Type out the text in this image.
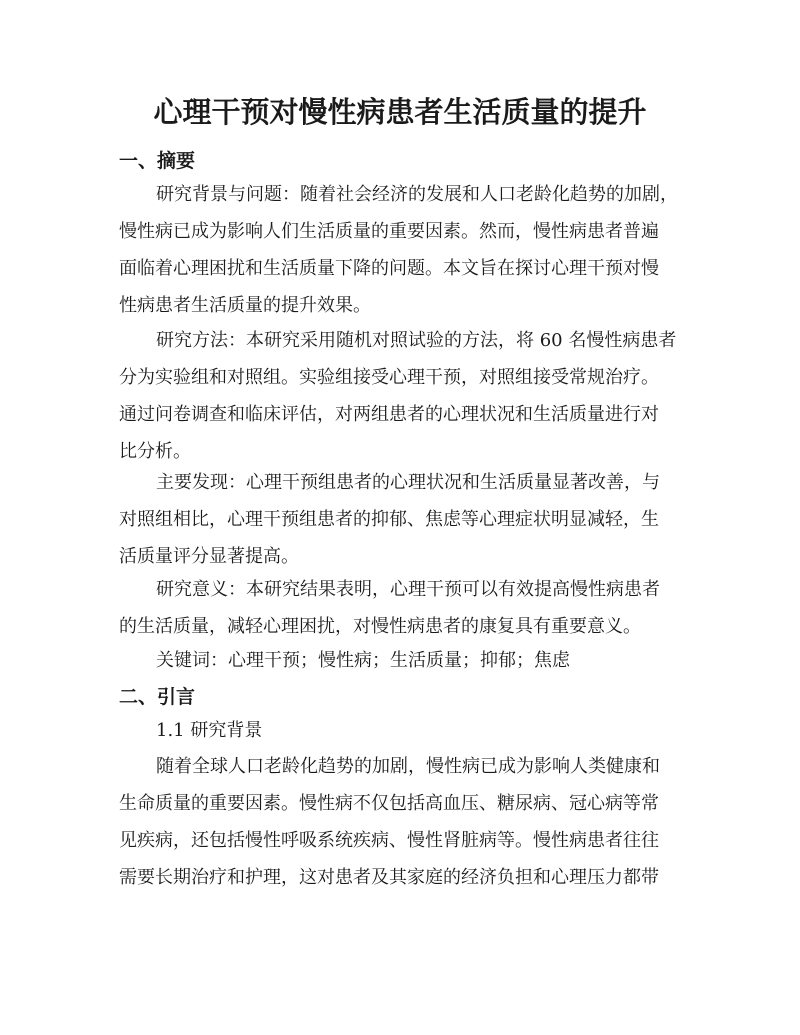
心理干预对慢性病患者生活质量的提升
一、摘要
研究背景与问题：随着社会经济的发展和人口老龄化趋势的加剧，
慢性病已成为影响人们生活质量的重要因素。然而，慢性病患者普遍
面临着心理困扰和生活质量下降的问题。本文旨在探讨心理干预对慢
性病患者生活质量的提升效果。
研究方法：本研究采用随机对照试验的方法，将 60 名慢性病患者
分为实验组和对照组。实验组接受心理干预，对照组接受常规治疗。
通过问卷调查和临床评估，对两组患者的心理状况和生活质量进行对
比分析。
主要发现：心理干预组患者的心理状况和生活质量显著改善，与
对照组相比，心理干预组患者的抑郁、焦虑等心理症状明显减轻，生
活质量评分显著提高。
研究意义：本研究结果表明，心理干预可以有效提高慢性病患者
的生活质量，减轻心理困扰，对慢性病患者的康复具有重要意义。
关键词：心理干预；慢性病；生活质量；抑郁；焦虑
二、引言
1.1 研究背景
随着全球人口老龄化趋势的加剧，慢性病已成为影响人类健康和
生命质量的重要因素。慢性病不仅包括高血压、糖尿病、冠心病等常
见疾病，还包括慢性呼吸系统疾病、慢性肾脏病等。慢性病患者往往
需要长期治疗和护理，这对患者及其家庭的经济负担和心理压力都带
